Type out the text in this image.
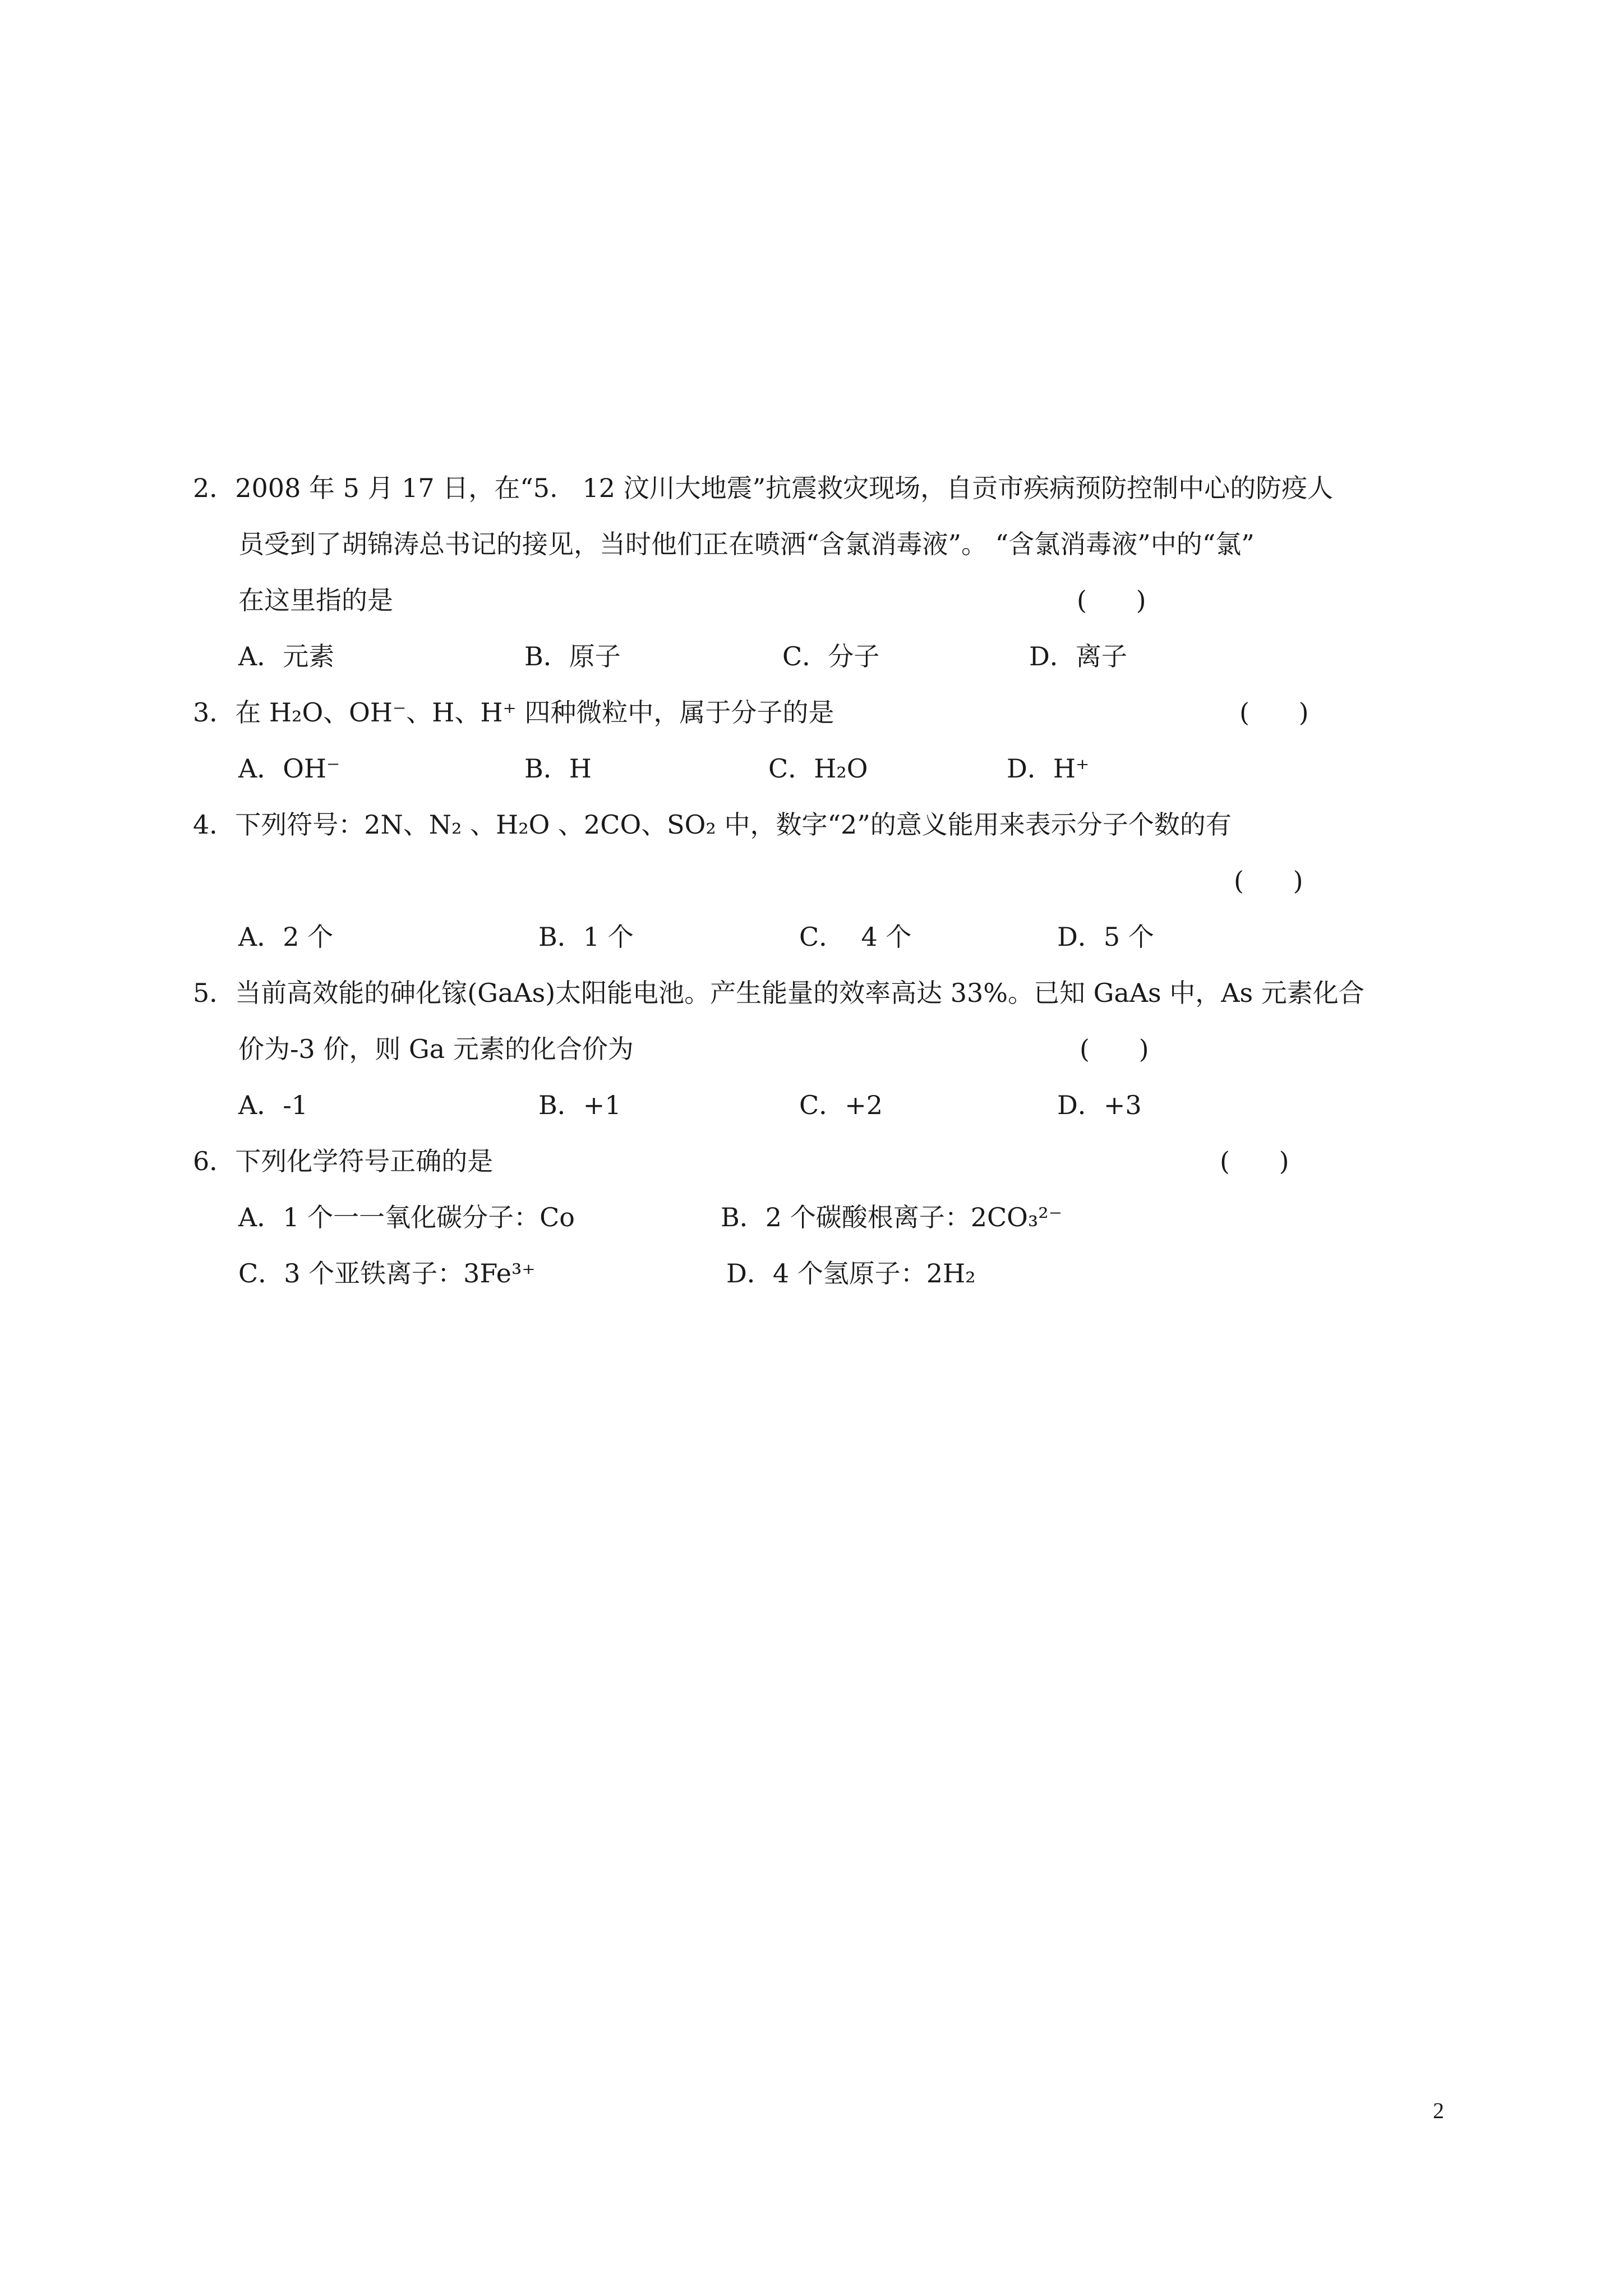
2．2008 年 5 月 17 日，在“5.   12 汶川大地震”抗震救灾现场，自贡市疾病预防控制中心的防疫人
员受到了胡锦涛总书记的接见，当时他们正在喷洒“含氯消毒液”。 “含氯消毒液”中的“氯”
在这里指的是	(      )
A．元素	B．原子	C．分子	D．离子
3．在 H₂O、OH⁻、H、H⁺ 四种微粒中，属于分子的是	(      )
A．OH⁻	B．H	C．H₂O	D．H⁺
4．下列符号：2N、N₂ 、H₂O 、2CO、SO₂ 中，数字“2”的意义能用来表示分子个数的有
(      )
A．2 个	B．1 个	C．  4 个	D．5 个
5．当前高效能的砷化镓(GaAs)太阳能电池。产生能量的效率高达 33%。已知 GaAs 中，As 元素化合
价为-3 价，则 Ga 元素的化合价为	(      )
A．-1	B．+1	C．+2	D．+3
6．下列化学符号正确的是	(      )
A．1 个一一氧化碳分子：Co	B．2 个碳酸根离子：2CO₃²⁻
C．3 个亚铁离子：3Fe³⁺	D．4 个氢原子：2H₂
2
